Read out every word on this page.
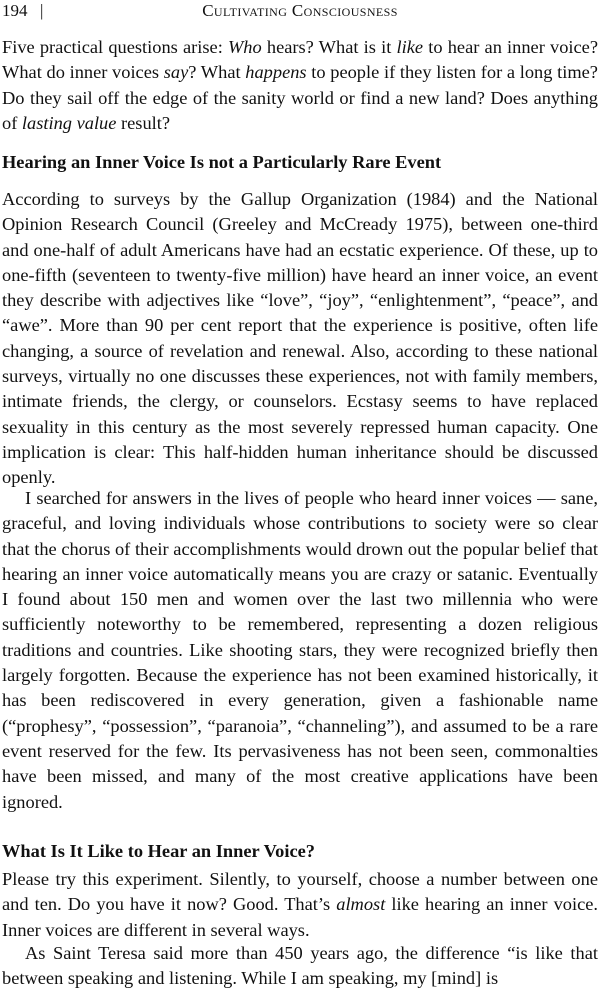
194 |	Cultivating Consciousness

Five practical questions arise: Who hears? What is it like to hear an inner voice? What do inner voices say? What happens to people if they listen for a long time? Do they sail off the edge of the sanity world or find a new land? Does anything of lasting value result?

Hearing an Inner Voice Is not a Particularly Rare Event

According to surveys by the Gallup Organization (1984) and the National Opinion Research Council (Greeley and McCready 1975), between one-third and one-half of adult Americans have had an ecstatic experience. Of these, up to one-fifth (seventeen to twenty-five million) have heard an inner voice, an event they describe with adjectives like “love”, “joy”, “enlightenment”, “peace”, and “awe”. More than 90 per cent report that the experience is positive, often life changing, a source of revelation and renewal. Also, according to these national surveys, virtually no one discusses these experiences, not with family members, intimate friends, the clergy, or counselors. Ecstasy seems to have replaced sexuality in this century as the most severely repressed human capacity. One implication is clear: This half-hidden human inheritance should be discussed openly.

I searched for answers in the lives of people who heard inner voices — sane, graceful, and loving individuals whose contributions to society were so clear that the chorus of their accomplishments would drown out the popular belief that hearing an inner voice automatically means you are crazy or satanic. Eventually I found about 150 men and women over the last two millennia who were sufficiently noteworthy to be remembered, representing a dozen religious traditions and countries. Like shooting stars, they were recognized briefly then largely forgotten. Because the experience has not been examined historically, it has been rediscovered in every generation, given a fashionable name (“prophesy”, “possession”, “paranoia”, “channeling”), and assumed to be a rare event reserved for the few. Its pervasiveness has not been seen, commonalties have been missed, and many of the most creative applications have been ignored.

What Is It Like to Hear an Inner Voice?

Please try this experiment. Silently, to yourself, choose a number between one and ten. Do you have it now? Good. That’s almost like hearing an inner voice. Inner voices are different in several ways.

As Saint Teresa said more than 450 years ago, the difference “is like that between speaking and listening. While I am speaking, my [mind] is
